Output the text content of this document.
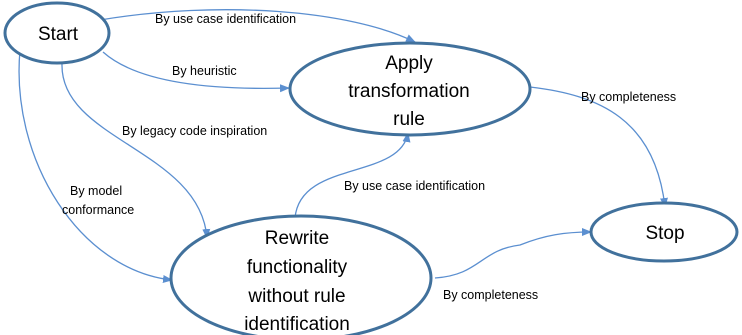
Start
Apply
transformation
rule
Rewrite
functionality
without rule
identification
Stop
By use case identification
By heuristic
By legacy code inspiration
By model
conformance
By use case identification
By completeness
By completeness
